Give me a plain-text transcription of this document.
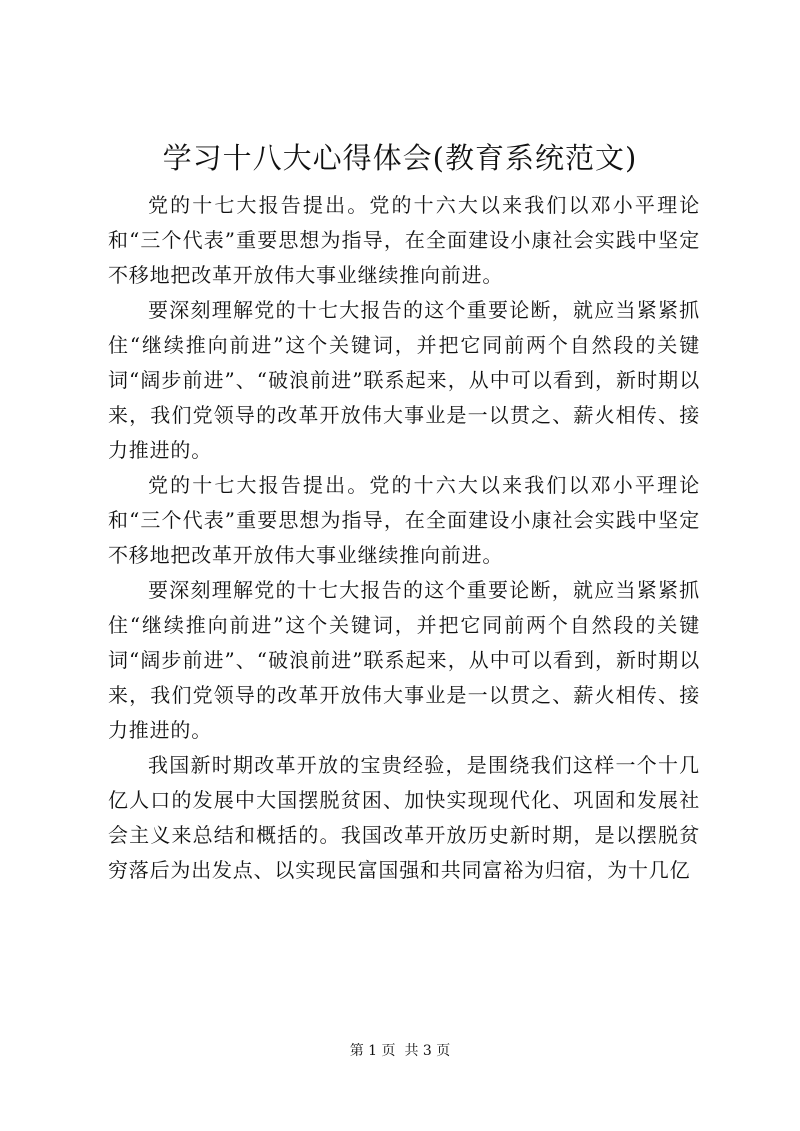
学习十八大心得体会(教育系统范文)

党的十七大报告提出。党的十六大以来我们以邓小平理论和“三个代表”重要思想为指导，在全面建设小康社会实践中坚定不移地把改革开放伟大事业继续推向前进。

要深刻理解党的十七大报告的这个重要论断，就应当紧紧抓住“继续推向前进”这个关键词，并把它同前两个自然段的关键词“阔步前进”、“破浪前进”联系起来，从中可以看到，新时期以来，我们党领导的改革开放伟大事业是一以贯之、薪火相传、接力推进的。

党的十七大报告提出。党的十六大以来我们以邓小平理论和“三个代表”重要思想为指导，在全面建设小康社会实践中坚定不移地把改革开放伟大事业继续推向前进。

要深刻理解党的十七大报告的这个重要论断，就应当紧紧抓住“继续推向前进”这个关键词，并把它同前两个自然段的关键词“阔步前进”、“破浪前进”联系起来，从中可以看到，新时期以来，我们党领导的改革开放伟大事业是一以贯之、薪火相传、接力推进的。

我国新时期改革开放的宝贵经验，是围绕我们这样一个十几亿人口的发展中大国摆脱贫困、加快实现现代化、巩固和发展社会主义来总结和概括的。我国改革开放历史新时期，是以摆脱贫穷落后为出发点、以实现民富国强和共同富裕为归宿，为十几亿

第 1 页  共 3 页
